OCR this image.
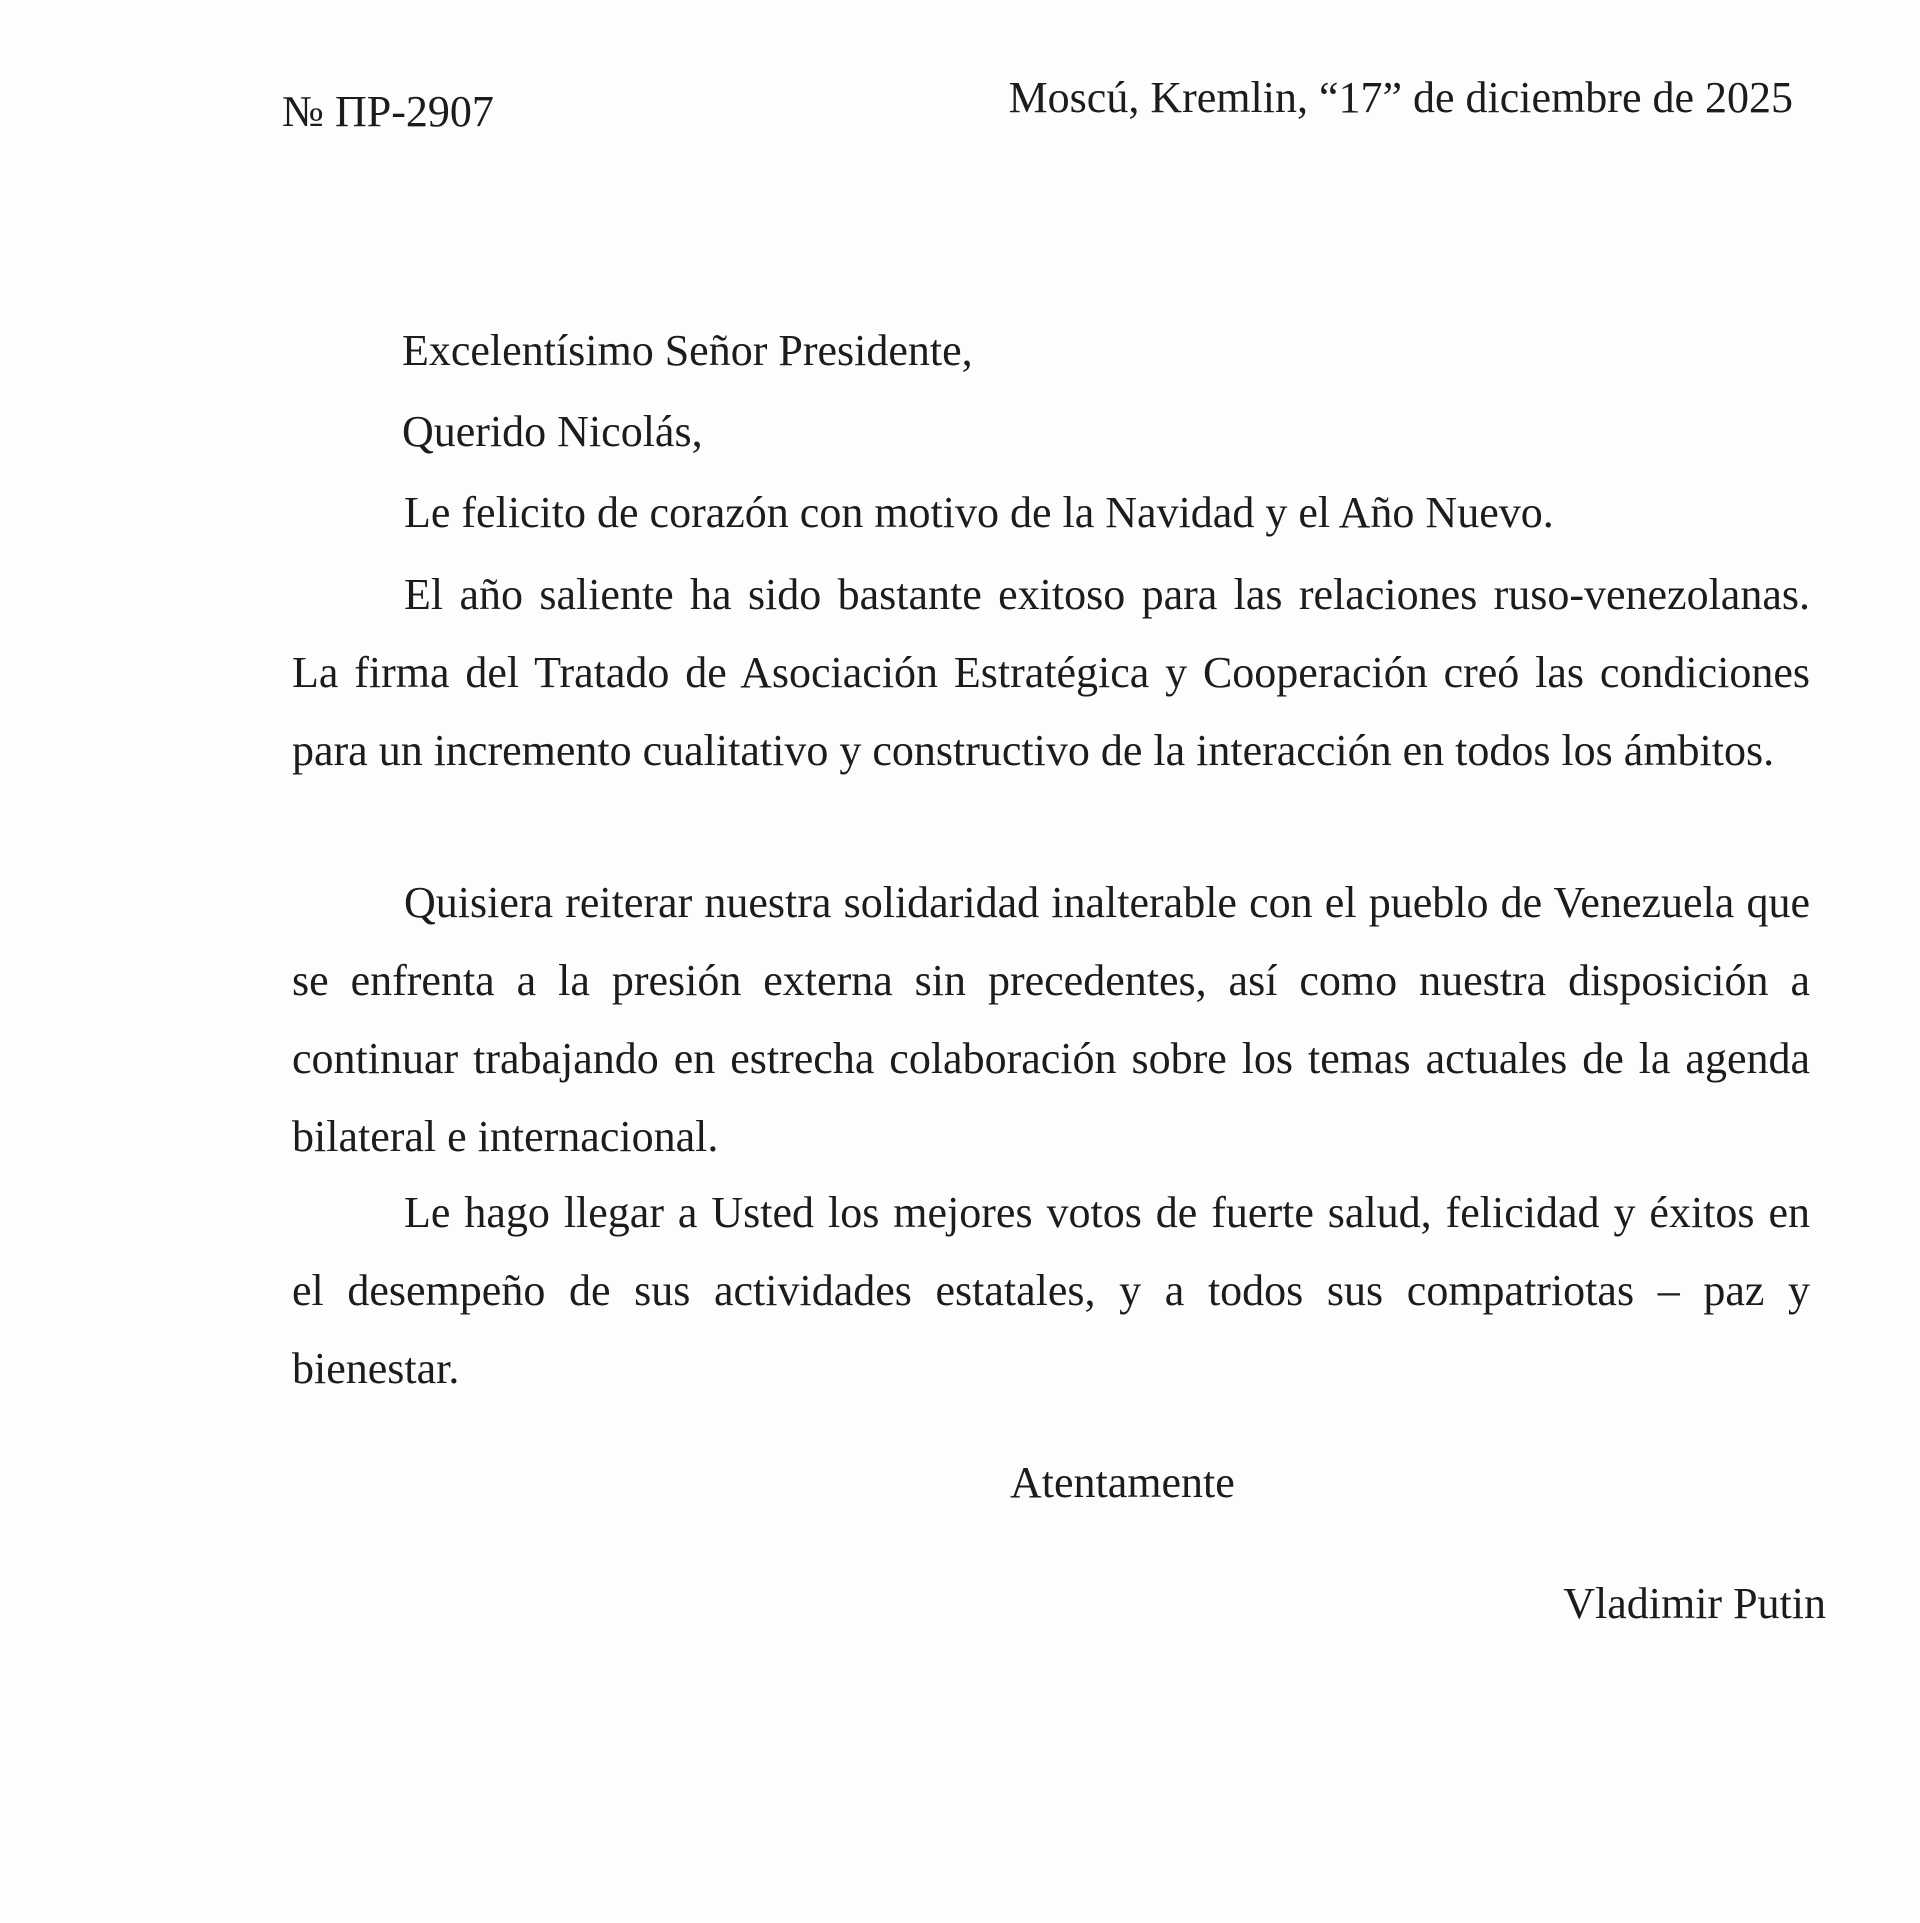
№ ПР-2907	Moscú, Kremlin, “17” de diciembre de 2025
Excelentísimo Señor Presidente,
Querido Nicolás,

Le felicito de corazón con motivo de la Navidad y el Año Nuevo.

El año saliente ha sido bastante exitoso para las relaciones ruso-venezolanas. La firma del Tratado de Asociación Estratégica y Cooperación creó las condiciones para un incremento cualitativo y constructivo de la interacción en todos los ámbitos.

Quisiera reiterar nuestra solidaridad inalterable con el pueblo de Venezuela que se enfrenta a la presión externa sin precedentes, así como nuestra disposición a continuar trabajando en estrecha colaboración sobre los temas actuales de la agenda bilateral e internacional.

Le hago llegar a Usted los mejores votos de fuerte salud, felicidad y éxitos en el desempeño de sus actividades estatales, y a todos sus compatriotas – paz y bienestar.

Atentamente
Vladimir Putin
